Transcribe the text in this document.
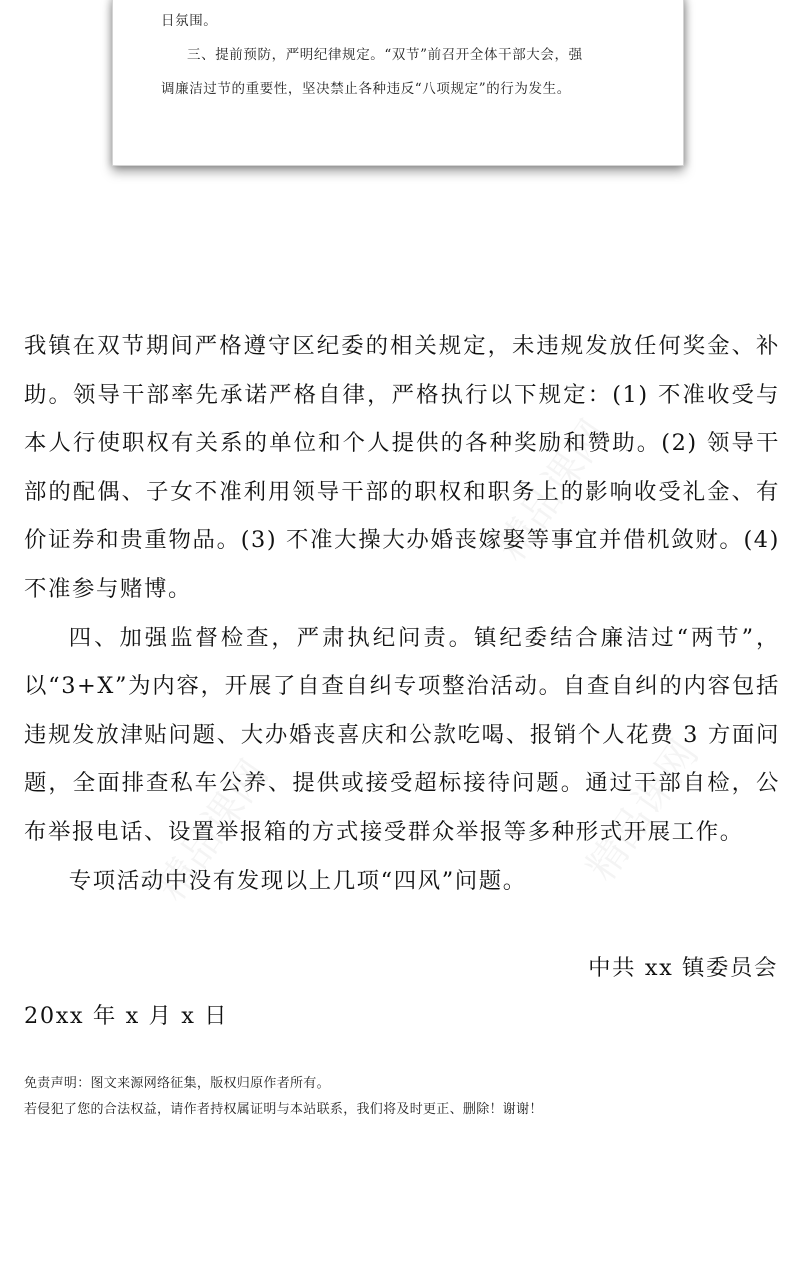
精品课网
精品课网	精品课网
日氛围。
三、提前预防，严明纪律规定。“双节”前召开全体干部大会，强
调廉洁过节的重要性，坚决禁止各种违反“八项规定”的行为发生。

我镇在双节期间严格遵守区纪委的相关规定，未违规发放任何奖金、补助。领导干部率先承诺严格自律，严格执行以下规定：(1) 不准收受与本人行使职权有关系的单位和个人提供的各种奖励和赞助。(2) 领导干部的配偶、子女不准利用领导干部的职权和职务上的影响收受礼金、有价证券和贵重物品。(3) 不准大操大办婚丧嫁娶等事宜并借机敛财。(4) 不准参与赌博。

四、加强监督检查，严肃执纪问责。镇纪委结合廉洁过“两节”，以“3+X”为内容，开展了自查自纠专项整治活动。自查自纠的内容包括违规发放津贴问题、大办婚丧喜庆和公款吃喝、报销个人花费 3 方面问题，全面排查私车公养、提供或接受超标接待问题。通过干部自检，公布举报电话、设置举报箱的方式接受群众举报等多种形式开展工作。

专项活动中没有发现以上几项“四风”问题。

中共 xx 镇委员会
20xx 年 x 月 x 日
免责声明：图文来源网络征集，版权归原作者所有。
若侵犯了您的合法权益，请作者持权属证明与本站联系，我们将及时更正、删除！谢谢！
